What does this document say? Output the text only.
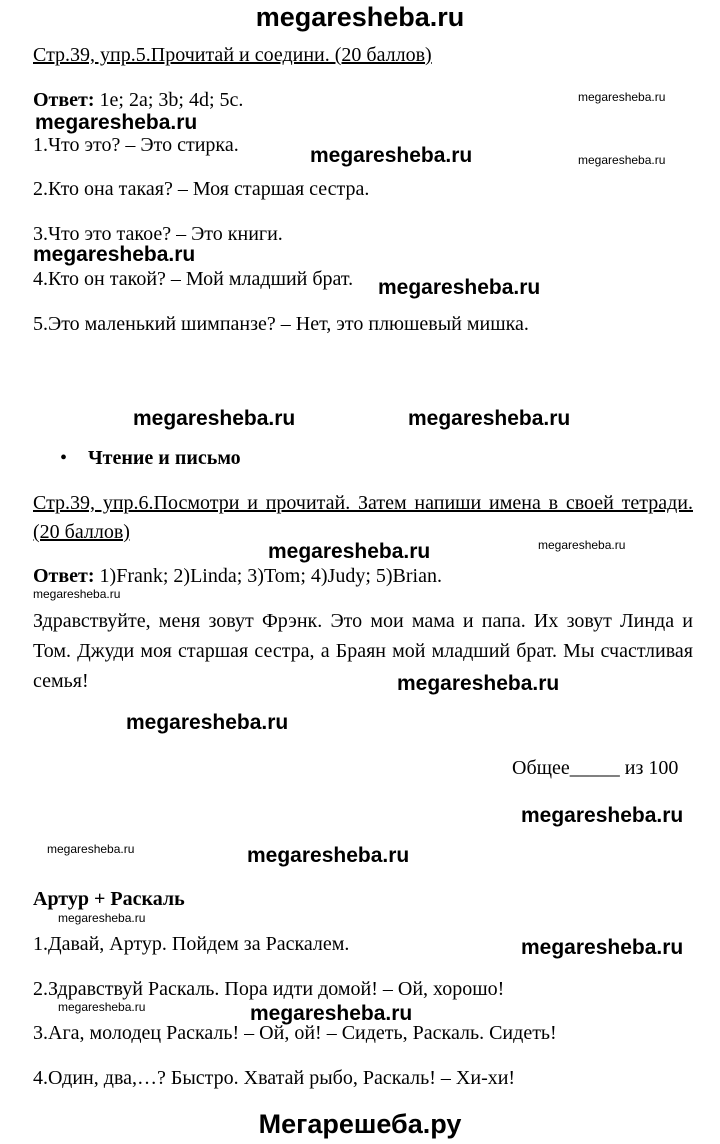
megaresheba.ru
Стр.39, упр.5.Прочитай и соедини. (20 баллов)
Ответ: 1e; 2a; 3b; 4d; 5c.
1.Что это? – Это стирка.
2.Кто она такая? – Моя старшая сестра.
3.Что это такое? – Это книги.
4.Кто он такой? – Мой младший брат.
5.Это маленький шимпанзе? – Нет, это плюшевый мишка.
• Чтение и письмо
Стр.39, упр.6.Посмотри и прочитай. Затем напиши имена в своей тетради. (20 баллов)
Ответ: 1)Frank; 2)Linda; 3)Tom; 4)Judy; 5)Brian.
Здравствуйте, меня зовут Фрэнк. Это мои мама и папа. Их зовут Линда и Том. Джуди моя старшая сестра, а Браян мой младший брат. Мы счастливая семья!
Общее_____ из 100
Артур + Раскаль
1.Давай, Артур. Пойдем за Раскалем.
2.Здравствуй Раскаль. Пора идти домой! – Ой, хорошо!
3.Ага, молодец Раскаль! – Ой, ой! – Сидеть, Раскаль. Сидеть!
4.Один, два,…? Быстро. Хватай рыбо, Раскаль! – Хи-хи!
Мегарешеба.ру
megaresheba.ru
megaresheba.ru
megaresheba.ru
megaresheba.ru
megaresheba.ru	megaresheba.ru
megaresheba.ru
megaresheba.ru
megaresheba.ru
megaresheba.ru
megaresheba.ru
megaresheba.ru
megaresheba.ru
megaresheba.ru
megaresheba.ru
megaresheba.ru
megaresheba.ru
megaresheba.ru
megaresheba.ru
megaresheba.ru
